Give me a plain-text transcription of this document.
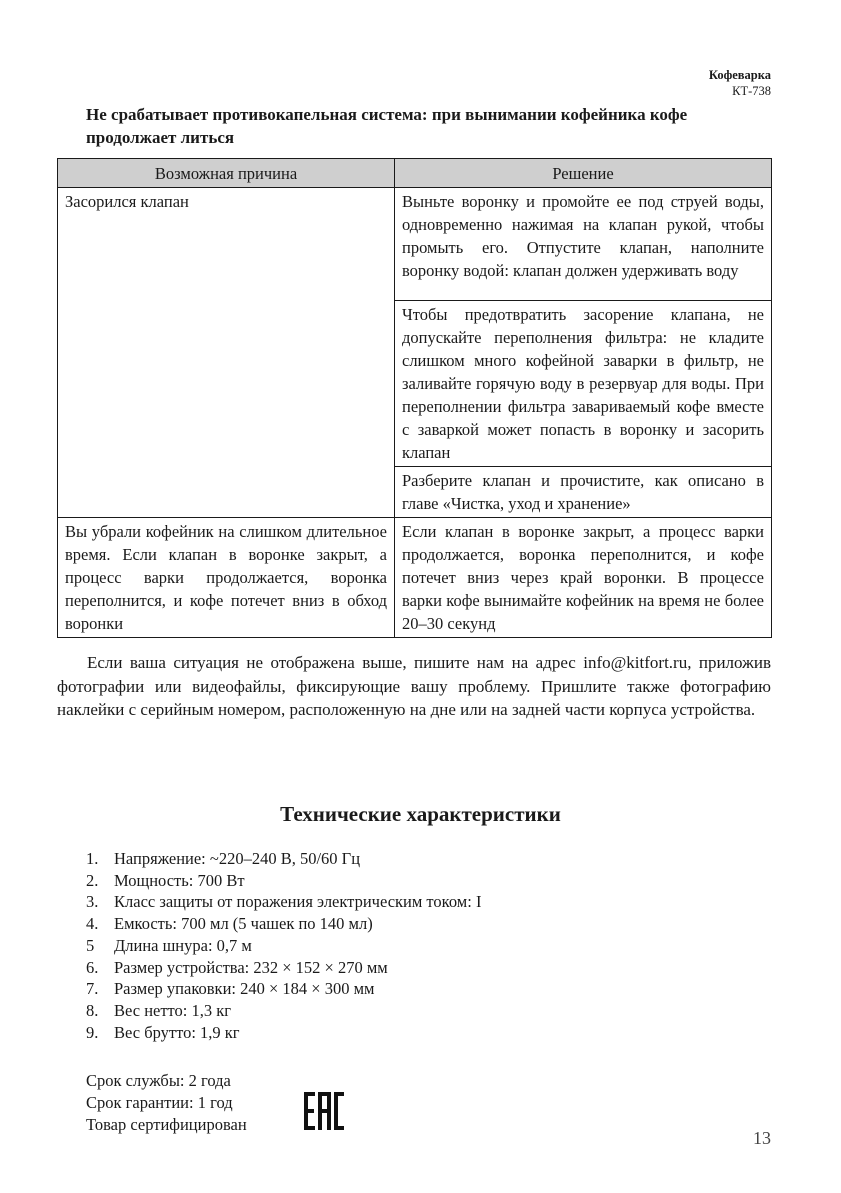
Кофеварка
КТ-738
Не срабатывает противокапельная система: при вынимании кофейника кофе продолжает литься
Возможная причина	Решение
Засорился клапан	Выньте воронку и промойте ее под струей воды, одновременно нажимая на клапан рукой, чтобы промыть его. Отпустите клапан, наполните воронку водой: клапан должен удерживать воду
	Чтобы предотвратить засорение клапана, не допускайте переполнения фильтра: не кладите слишком много кофейной заварки в фильтр, не заливайте горячую воду в резервуар для воды. При переполнении фильтра завариваемый кофе вместе с заваркой может попасть в воронку и засорить клапан
	Разберите клапан и прочистите, как описано в главе «Чистка, уход и хранение»
Вы убрали кофейник на слишком длительное время. Если клапан в воронке закрыт, а процесс варки продолжается, воронка переполнится, и кофе потечет вниз в обход воронки	Если клапан в воронке закрыт, а процесс варки продолжается, воронка переполнится, и кофе потечет вниз через край воронки. В процессе варки кофе вынимайте кофейник на время не более 20–30 секунд

Если ваша ситуация не отображена выше, пишите нам на адрес info@kitfort.ru, приложив фотографии или видеофайлы, фиксирующие вашу проблему. Пришлите также фотографию наклейки с серийным номером, расположенную на дне или на задней части корпуса устройства.

Технические характеристики
1. Напряжение: ~220–240 В, 50/60 Гц
2. Мощность: 700 Вт
3. Класс защиты от поражения электрическим током: I
4. Емкость: 700 мл (5 чашек по 140 мл)
5	Длина шнура: 0,7 м
6. Размер устройства: 232 × 152 × 270 мм
7. Размер упаковки: 240 × 184 × 300 мм
8. Вес нетто: 1,3 кг
9. Вес брутто: 1,9 кг
Срок службы: 2 года
Срок гарантии: 1 год
Товар сертифицирован
13
